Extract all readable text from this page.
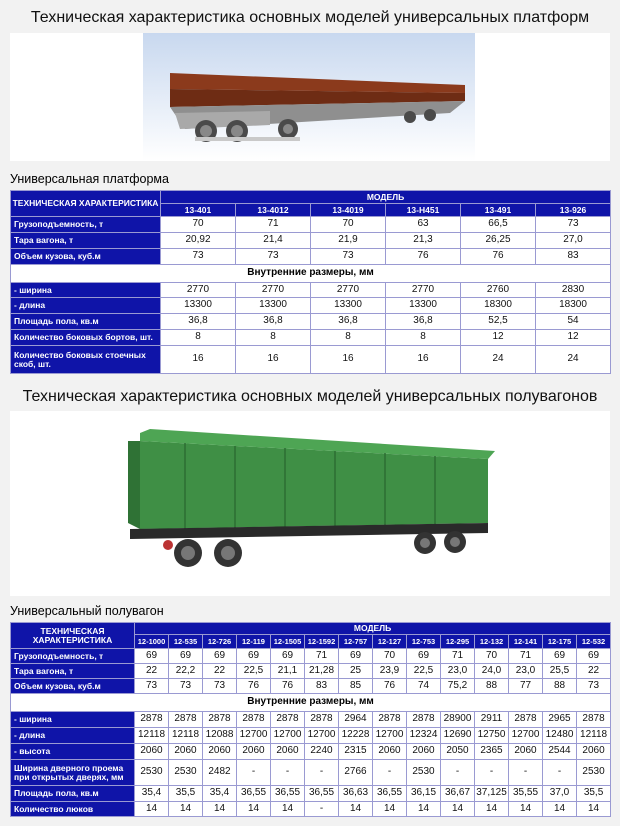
Техническая характеристика основных моделей универсальных платформ
Универсальная платформа
ТЕХНИЧЕСКАЯ ХАРАКТЕРИСТИКА	МОДЕЛЬ					
	13-401	13-4012	13-4019	13-Н451	13-491	13-926
Грузоподъемность, т	70	71	70	63	66,5	73
Тара вагона, т	20,92	21,4	21,9	21,3	26,25	27,0
Объем кузова, куб.м	73	73	73	76	76	83
Внутренние размеры, мм						
- ширина	2770	2770	2770	2770	2760	2830
- длина	13300	13300	13300	13300	18300	18300
Площадь пола, кв.м	36,8	36,8	36,8	36,8	52,5	54
Количество боковых бортов, шт.	8	8	8	8	12	12
Количество боковых стоечных скоб, шт.	16	16	16	16	24	24
Техническая характеристика основных моделей универсальных полувагонов
Универсальный полувагон
ТЕХНИЧЕСКАЯ ХАРАКТЕРИСТИКА	МОДЕЛЬ													
	12-1000	12-535	12-726	12-119	12-1505	12-1592	12-757	12-127	12-753	12-295	12-132	12-141	12-175	12-532
Грузоподъемность, т	69	69	69	69	69	71	69	70	69	71	70	71	69	69
Тара вагона, т	22	22,2	22	22,5	21,1	21,28	25	23,9	22,5	23,0	24,0	23,0	25,5	22
Объем кузова, куб.м	73	73	73	76	76	83	85	76	74	75,2	88	77	88	73
Внутренние размеры, мм														
- ширина	2878	2878	2878	2878	2878	2878	2964	2878	2878	28900	2911	2878	2965	2878
- длина	12118	12118	12088	12700	12700	12700	12228	12700	12324	12690	12750	12700	12480	12118
- высота	2060	2060	2060	2060	2060	2240	2315	2060	2060	2050	2365	2060	2544	2060
Ширина дверного проема при открытых дверях, мм	2530	2530	2482	-	-	-	2766	-	2530	-	-	-	-	2530
Площадь пола, кв.м	35,4	35,5	35,4	36,55	36,55	36,55	36,63	36,55	36,15	36,67	37,125	35,55	37,0	35,5
Количество люков	14	14	14	14	14	-	14	14	14	14	14	14	14	14
